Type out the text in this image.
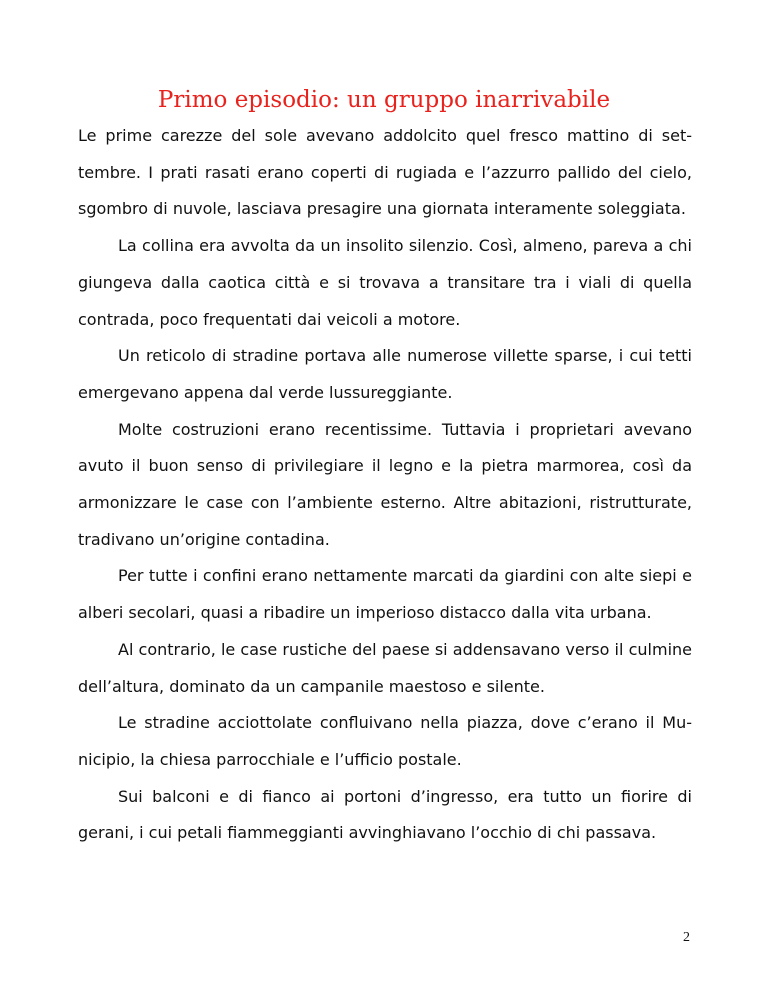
Primo episodio: un gruppo inarrivabile

Le prime carezze del sole avevano addolcito quel fresco mattino di settembre. I prati rasati erano coperti di rugiada e l’azzurro pallido del cielo, sgombro di nuvole, lasciava presagire una giornata interamente soleggiata.

La collina era avvolta da un insolito silenzio. Così, almeno, pareva a chi giungeva dalla caotica città e si trovava a transitare tra i viali di quella contrada, poco frequentati dai veicoli a motore.

Un reticolo di stradine portava alle numerose villette sparse, i cui tetti emergevano appena dal verde lussureggiante.

Molte costruzioni erano recentissime. Tuttavia i proprietari avevano avuto il buon senso di privilegiare il legno e la pietra marmorea, così da armonizzare le case con l’ambiente esterno. Altre abitazioni, ristrutturate, tradivano un’origine contadina.

Per tutte i confini erano nettamente marcati da giardini con alte siepi e alberi secolari, quasi a ribadire un imperioso distacco dalla vita urbana.

Al contrario, le case rustiche del paese si addensavano verso il culmine dell’altura, dominato da un campanile maestoso e silente.

Le stradine acciottolate confluivano nella piazza, dove c’erano il Municipio, la chiesa parrocchiale e l’ufficio postale.

Sui balconi e di fianco ai portoni d’ingresso, era tutto un fiorire di gerani, i cui petali fiammeggianti avvinghiavano l’occhio di chi passava.

2
